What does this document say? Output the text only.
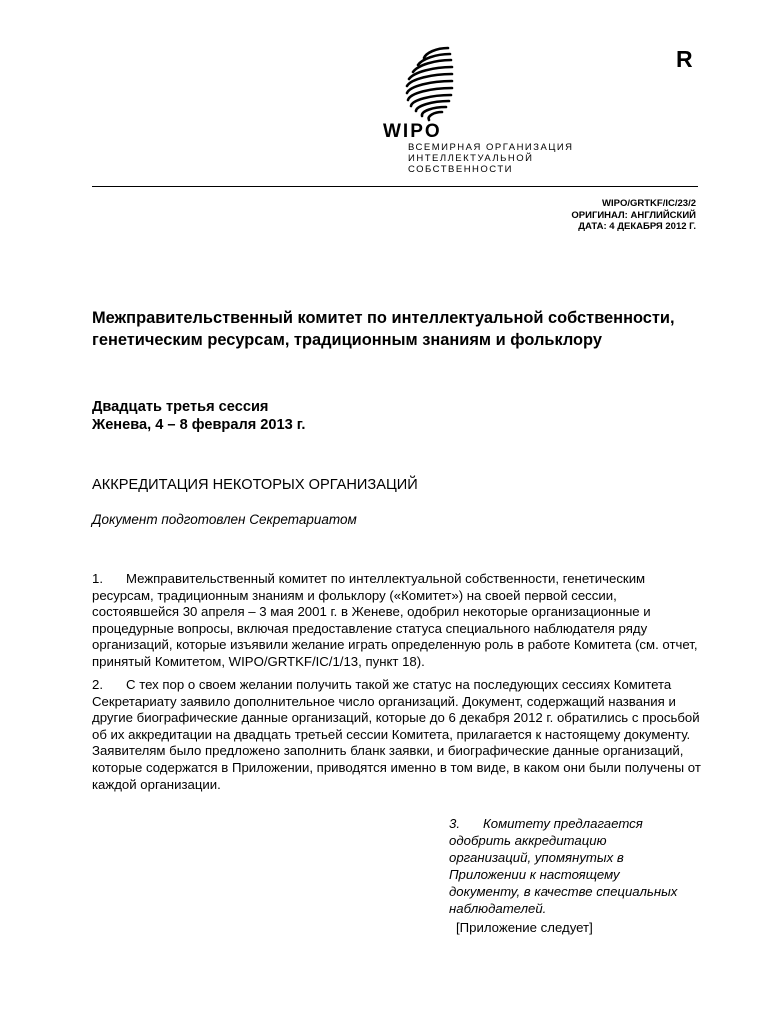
R
WIPO
ВСЕМИРНАЯ ОРГАНИЗАЦИЯ
ИНТЕЛЛЕКТУАЛЬНОЙ
СОБСТВЕННОСТИ
WIPO/GRTKF/IC/23/2
ОРИГИНАЛ: АНГЛИЙСКИЙ
ДАТА: 4 ДЕКАБРЯ 2012 Г.
Межправительственный комитет по интеллектуальной собственности, генетическим ресурсам, традиционным знаниям и фольклору
Двадцать третья сессия
Женева, 4 – 8 февраля 2013 г.
АККРЕДИТАЦИЯ НЕКОТОРЫХ ОРГАНИЗАЦИЙ
Документ подготовлен Секретариатом
1. Межправительственный комитет по интеллектуальной собственности, генетическим ресурсам, традиционным знаниям и фольклору («Комитет») на своей первой сессии, состоявшейся 30 апреля – 3 мая 2001 г. в Женеве, одобрил некоторые организационные и процедурные вопросы, включая предоставление статуса специального наблюдателя ряду организаций, которые изъявили желание играть определенную роль в работе Комитета (см. отчет, принятый Комитетом, WIPO/GRTKF/IC/1/13, пункт 18).
2. С тех пор о своем желании получить такой же статус на последующих сессиях Комитета Секретариату заявило дополнительное число организаций. Документ, содержащий названия и другие биографические данные организаций, которые до 6 декабря 2012 г. обратились с просьбой об их аккредитации на двадцать третьей сессии Комитета, прилагается к настоящему документу. Заявителям было предложено заполнить бланк заявки, и биографические данные организаций, которые содержатся в Приложении, приводятся именно в том виде, в каком они были получены от каждой организации.
3. Комитету предлагается одобрить аккредитацию организаций, упомянутых в Приложении к настоящему документу, в качестве специальных наблюдателей.
[Приложение следует]
